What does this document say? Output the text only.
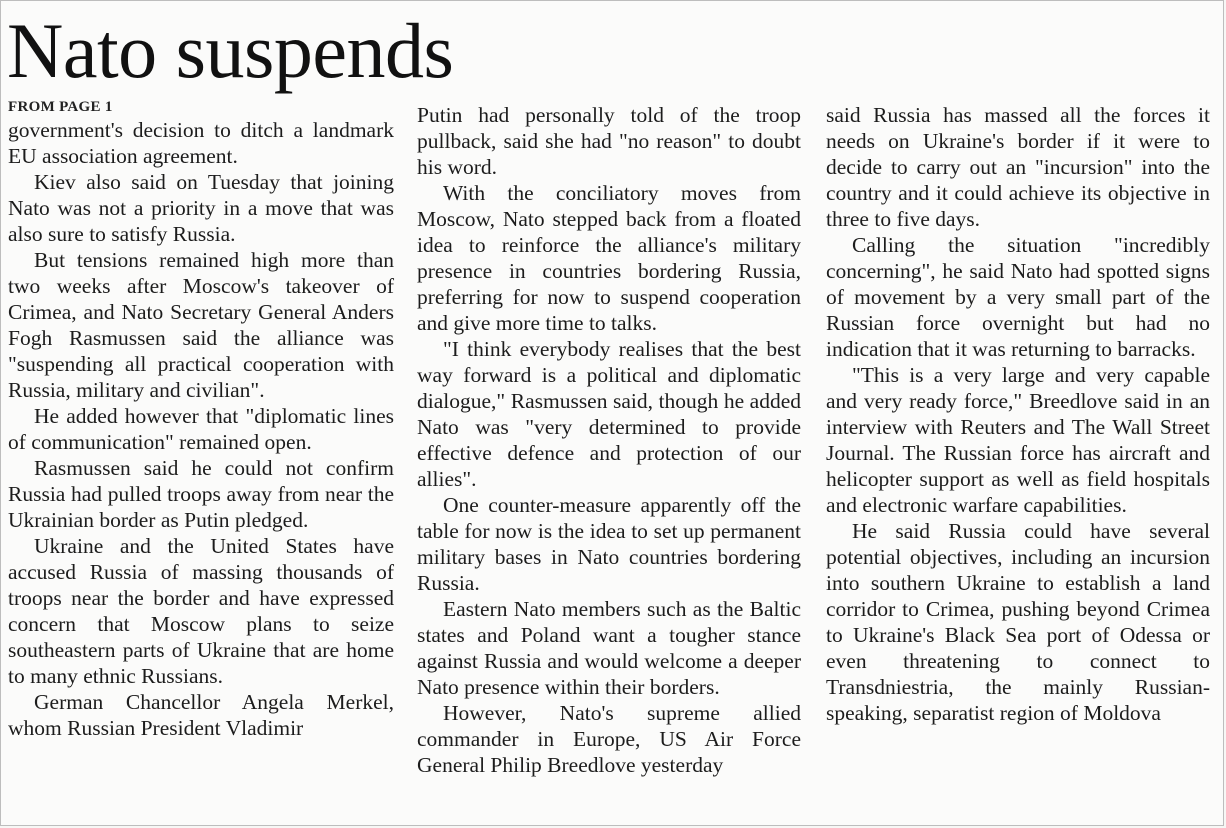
Nato suspends
FROM PAGE 1

government's decision to ditch a landmark EU association agreement.

Kiev also said on Tuesday that joining Nato was not a priority in a move that was also sure to satisfy Russia.

But tensions remained high more than two weeks after Moscow's takeover of Crimea, and Nato Secretary General Anders Fogh Rasmussen said the alliance was "suspending all practical cooperation with Russia, military and civilian".

He added however that "diplomatic lines of communication" remained open.

Rasmussen said he could not confirm Russia had pulled troops away from near the Ukrainian border as Putin pledged.

Ukraine and the United States have accused Russia of massing thousands of troops near the border and have expressed concern that Moscow plans to seize southeastern parts of Ukraine that are home to many ethnic Russians.

German Chancellor Angela Merkel, whom Russian President Vladimir

Putin had personally told of the troop pullback, said she had "no reason" to doubt his word.

With the conciliatory moves from Moscow, Nato stepped back from a floated idea to reinforce the alliance's military presence in countries bordering Russia, preferring for now to suspend cooperation and give more time to talks.

"I think everybody realises that the best way forward is a political and diplomatic dialogue," Rasmussen said, though he added Nato was "very determined to provide effective defence and protection of our allies".

One counter-measure apparently off the table for now is the idea to set up permanent military bases in Nato countries bordering Russia.

Eastern Nato members such as the Baltic states and Poland want a tougher stance against Russia and would welcome a deeper Nato presence within their borders.

However, Nato's supreme allied commander in Europe, US Air Force General Philip Breedlove yesterday

said Russia has massed all the forces it needs on Ukraine's border if it were to decide to carry out an "incursion" into the country and it could achieve its objective in three to five days.

Calling the situation "incredibly concerning", he said Nato had spotted signs of movement by a very small part of the Russian force overnight but had no indication that it was returning to barracks.

"This is a very large and very capable and very ready force," Breedlove said in an interview with Reuters and The Wall Street Journal. The Russian force has aircraft and helicopter support as well as field hospitals and electronic warfare capabilities.

He said Russia could have several potential objectives, including an incursion into southern Ukraine to establish a land corridor to Crimea, pushing beyond Crimea to Ukraine's Black Sea port of Odessa or even threatening to connect to Transdniestria, the mainly Russian-speaking, separatist region of Moldova
